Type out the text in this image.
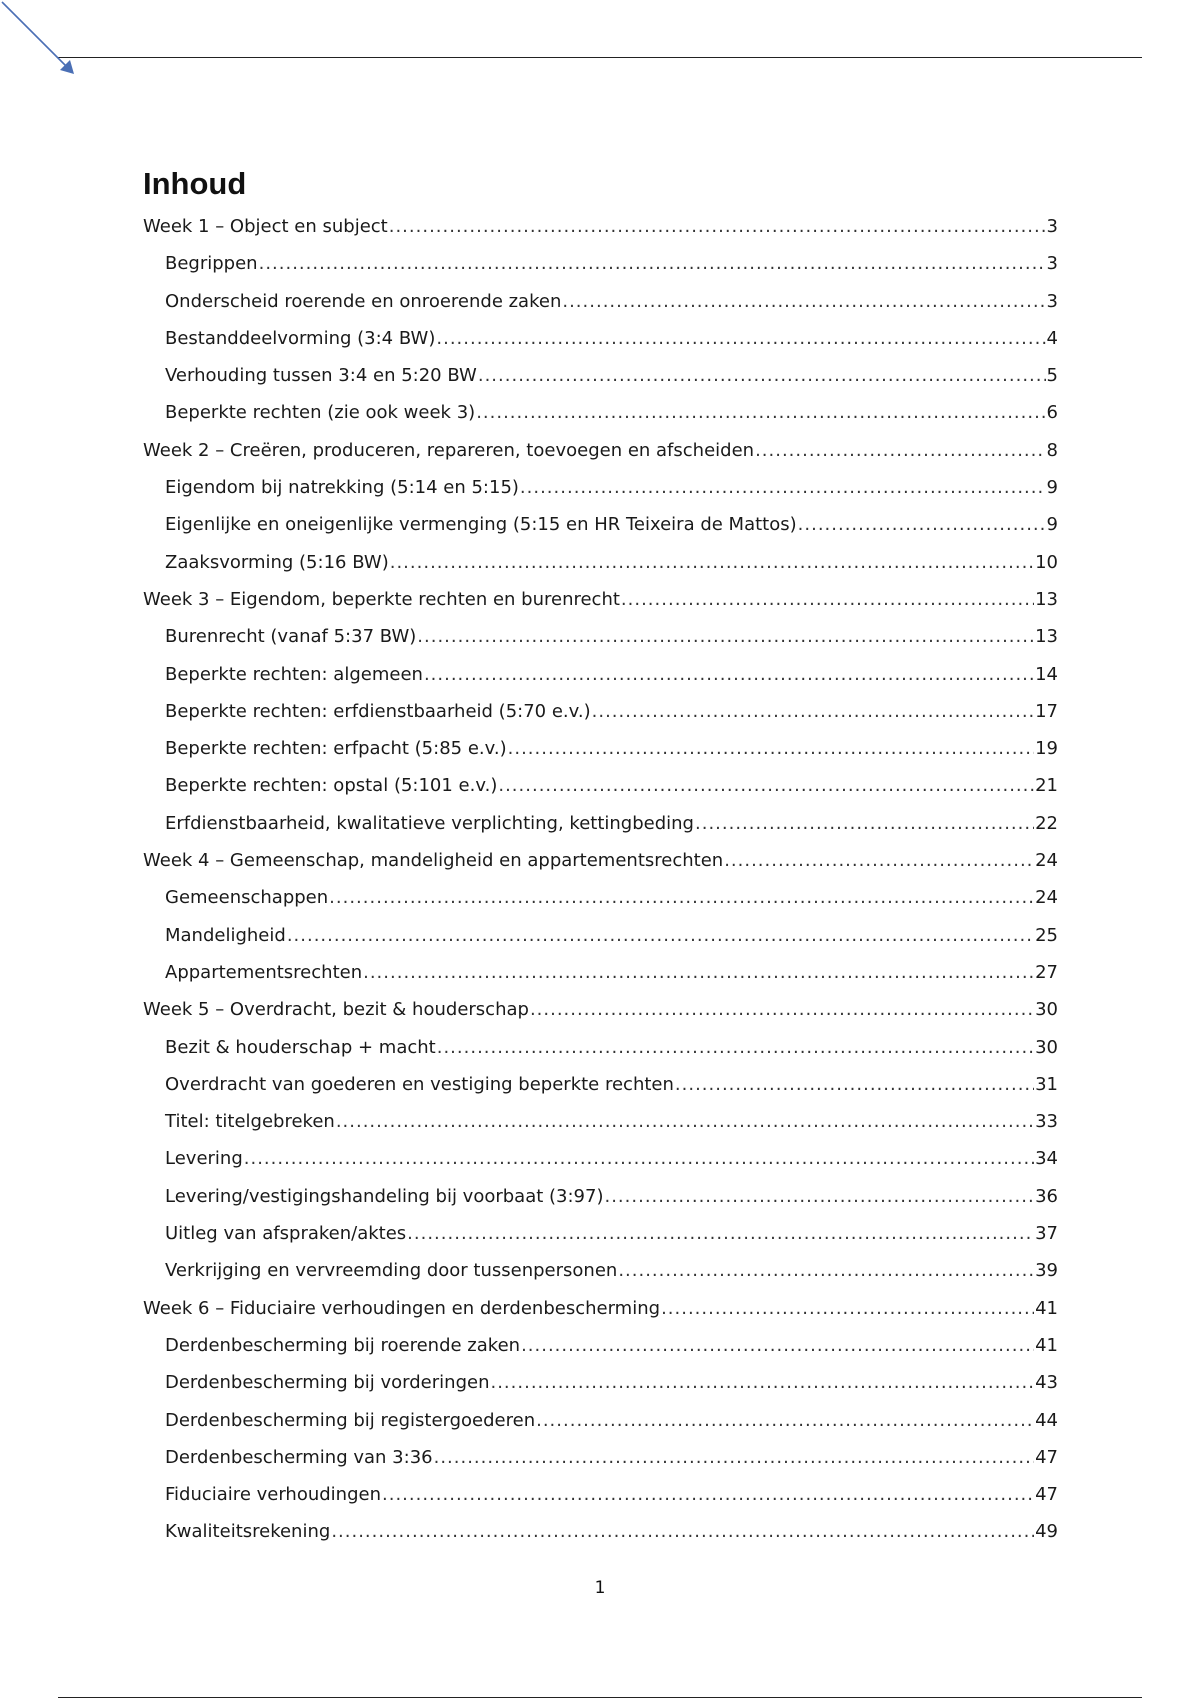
Inhoud
Week 1 – Object en subject .....	3
Begrippen .....	3
Onderscheid roerende en onroerende zaken .....	3
Bestanddeelvorming (3:4 BW) .....	4
Verhouding tussen 3:4 en 5:20 BW .....	5
Beperkte rechten (zie ook week 3) .....	6
Week 2 – Creëren, produceren, repareren, toevoegen en afscheiden .....	8
Eigendom bij natrekking (5:14 en 5:15) .....	9
Eigenlijke en oneigenlijke vermenging (5:15 en HR Teixeira de Mattos) .....	9
Zaaksvorming (5:16 BW) .....	10
Week 3 – Eigendom, beperkte rechten en burenrecht .....	13
Burenrecht (vanaf 5:37 BW) .....	13
Beperkte rechten: algemeen .....	14
Beperkte rechten: erfdienstbaarheid (5:70 e.v.) .....	17
Beperkte rechten: erfpacht (5:85 e.v.) .....	19
Beperkte rechten: opstal (5:101 e.v.) .....	21
Erfdienstbaarheid, kwalitatieve verplichting, kettingbeding .....	22
Week 4 – Gemeenschap, mandeligheid en appartementsrechten .....	24
Gemeenschappen .....	24
Mandeligheid .....	25
Appartementsrechten .....	27
Week 5 – Overdracht, bezit & houderschap .....	30
Bezit & houderschap + macht .....	30
Overdracht van goederen en vestiging beperkte rechten .....	31
Titel: titelgebreken .....	33
Levering .....	34
Levering/vestigingshandeling bij voorbaat (3:97) .....	36
Uitleg van afspraken/aktes .....	37
Verkrijging en vervreemding door tussenpersonen .....	39
Week 6 – Fiduciaire verhoudingen en derdenbescherming .....	41
Derdenbescherming bij roerende zaken .....	41
Derdenbescherming bij vorderingen .....	43
Derdenbescherming bij registergoederen .....	44
Derdenbescherming van 3:36 .....	47
Fiduciaire verhoudingen .....	47
Kwaliteitsrekening .....	49
1
